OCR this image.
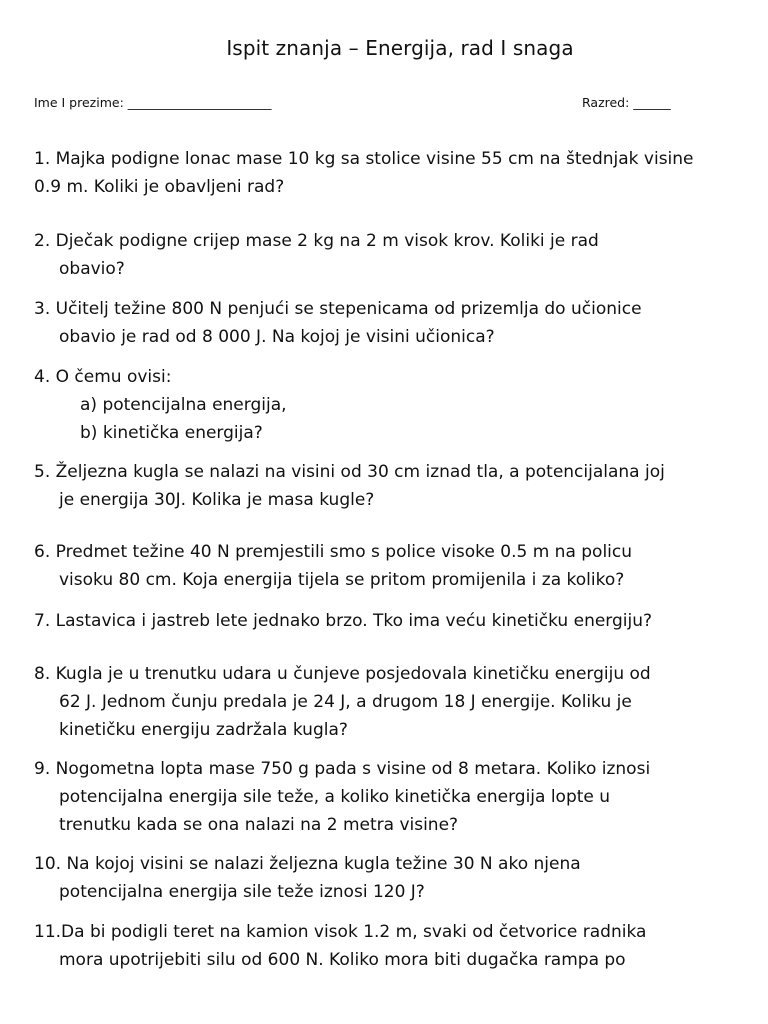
Ispit znanja – Energija, rad I snaga
Ime I prezime: _______________________	Razred: ______
1. Majka podigne lonac mase 10 kg sa stolice visine 55 cm na štednjak visine
0.9 m. Koliki je obavljeni rad?
2. Dječak podigne crijep mase 2 kg na 2 m visok krov. Koliki je rad
obavio?
3. Učitelj težine 800 N penjući se stepenicama od prizemlja do učionice
obavio je rad od 8 000 J. Na kojoj je visini učionica?
4. O čemu ovisi:
a) potencijalna energija,
b) kinetička energija?
5. Željezna kugla se nalazi na visini od 30 cm iznad tla, a potencijalana joj
je energija 30J. Kolika je masa kugle?
6. Predmet težine 40 N premjestili smo s police visoke 0.5 m na policu
visoku 80 cm. Koja energija tijela se pritom promijenila i za koliko?
7. Lastavica i jastreb lete jednako brzo. Tko ima veću kinetičku energiju?
8. Kugla je u trenutku udara u čunjeve posjedovala kinetičku energiju od
62 J. Jednom čunju predala je 24 J, a drugom 18 J energije. Koliku je
kinetičku energiju zadržala kugla?
9. Nogometna lopta mase 750 g pada s visine od 8 metara. Koliko iznosi
potencijalna energija sile teže, a koliko kinetička energija lopte u
trenutku kada se ona nalazi na 2 metra visine?
10. Na kojoj visini se nalazi željezna kugla težine 30 N ako njena
potencijalna energija sile teže iznosi 120 J?
11.Da bi podigli teret na kamion visok 1.2 m, svaki od četvorice radnika
mora upotrijebiti silu od 600 N. Koliko mora biti dugačka rampa po
